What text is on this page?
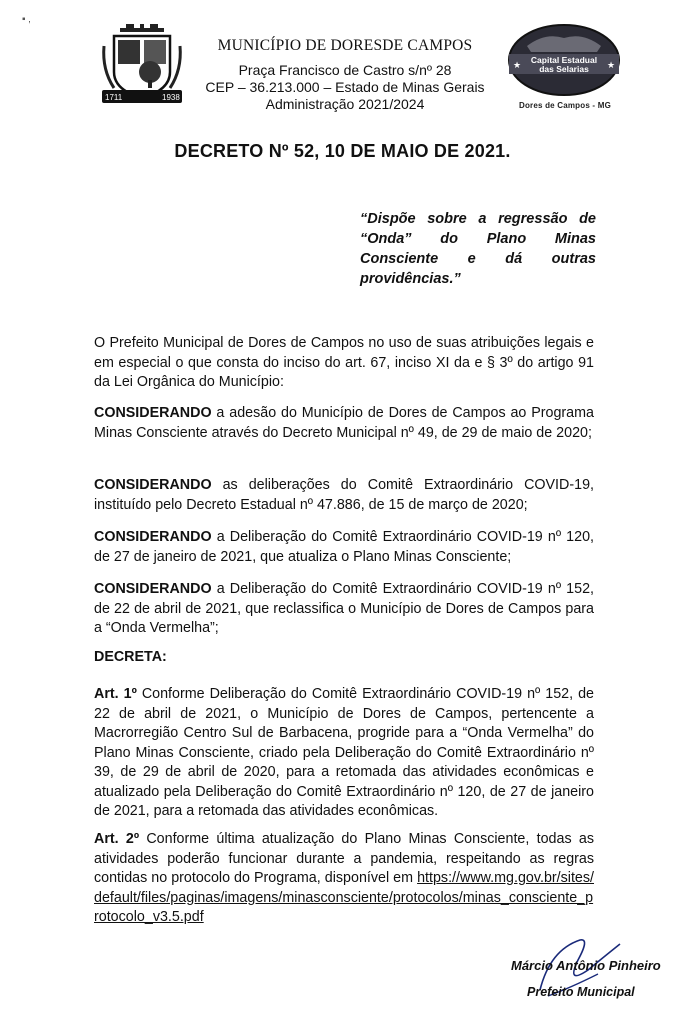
▪ ‚
1711	1938
MUNICÍPIO DE DORESDE CAMPOS
Praça Francisco de Castro s/nº 28
CEP – 36.213.000 – Estado de Minas Gerais
Administração 2021/2024
Capital Estadual
das Selarias
★	★
Dores de Campos - MG
DECRETO Nº 52, 10 DE MAIO DE 2021.
“Dispõe sobre a regressão de “Onda” do Plano Minas Consciente e dá outras providências.”
O Prefeito Municipal de Dores de Campos no uso de suas atribuições legais e em especial o que consta do inciso do art. 67, inciso XI da e § 3º do artigo 91 da Lei Orgânica do Município:
CONSIDERANDO a adesão do Município de Dores de Campos ao Programa Minas Consciente através do Decreto Municipal nº 49, de 29 de maio de 2020;
CONSIDERANDO as deliberações do Comitê Extraordinário COVID-19, instituído pelo Decreto Estadual nº 47.886, de 15 de março de 2020;
CONSIDERANDO a Deliberação do Comitê Extraordinário COVID-19 nº 120, de 27 de janeiro de 2021, que atualiza o Plano Minas Consciente;
CONSIDERANDO a Deliberação do Comitê Extraordinário COVID-19 nº 152, de 22 de abril de 2021, que reclassifica o Município de Dores de Campos para a “Onda Vermelha”;
DECRETA:
Art. 1º Conforme Deliberação do Comitê Extraordinário COVID-19 nº 152, de 22 de abril de 2021, o Município de Dores de Campos, pertencente a Macrorregião Centro Sul de Barbacena, progride para a “Onda Vermelha” do Plano Minas Consciente, criado pela Deliberação do Comitê Extraordinário nº 39, de 29 de abril de 2020, para a retomada das atividades econômicas e atualizado pela Deliberação do Comitê Extraordinário nº 120, de 27 de janeiro de 2021, para a retomada das atividades econômicas.
Art. 2º Conforme última atualização do Plano Minas Consciente, todas as atividades poderão funcionar durante a pandemia, respeitando as regras contidas no protocolo do Programa, disponível em https://www.mg.gov.br/sites/default/files/paginas/imagens/minasconsciente/protocolos/minas_consciente_protocolo_v3.5.pdf
Márcio Antônio Pinheiro
Prefeito Municipal
